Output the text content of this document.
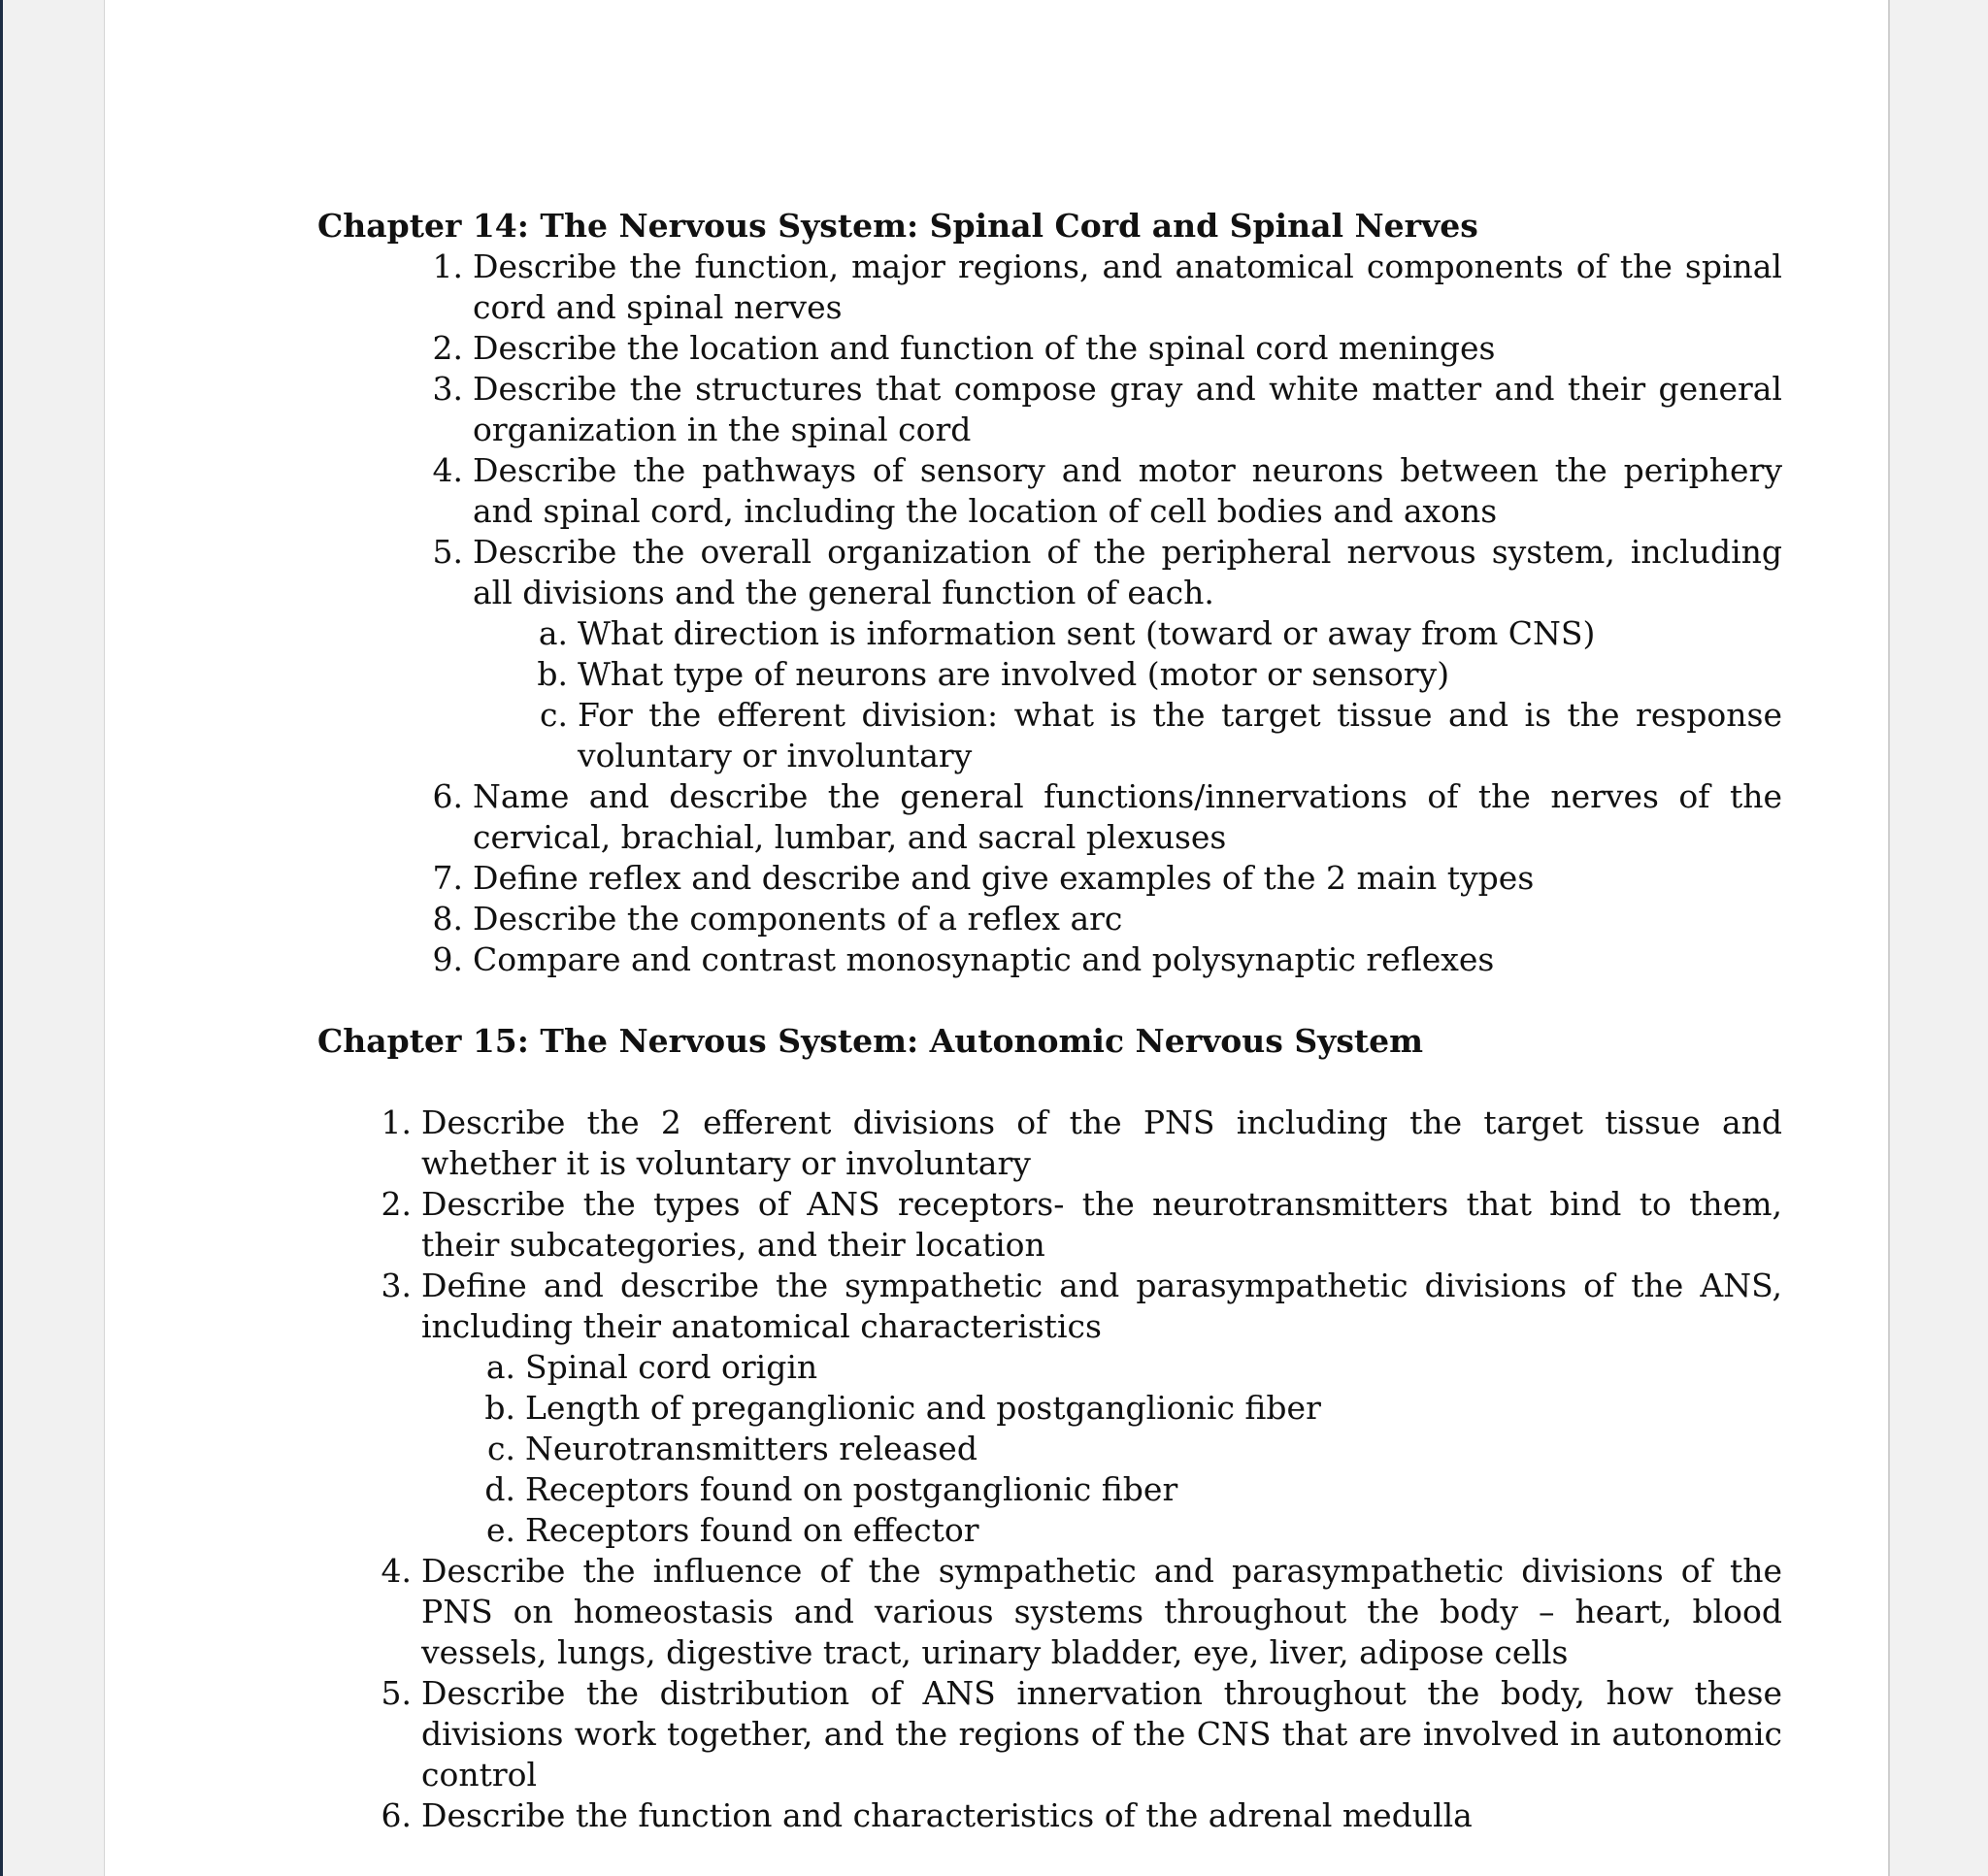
Chapter 14: The Nervous System: Spinal Cord and Spinal Nerves
1. Describe the function, major regions, and anatomical components of the spinal cord and spinal nerves
2. Describe the location and function of the spinal cord meninges
3. Describe the structures that compose gray and white matter and their general organization in the spinal cord
4. Describe the pathways of sensory and motor neurons between the periphery and spinal cord, including the location of cell bodies and axons
5. Describe the overall organization of the peripheral nervous system, including all divisions and the general function of each.
a. What direction is information sent (toward or away from CNS)
b. What type of neurons are involved (motor or sensory)
c. For the efferent division: what is the target tissue and is the response voluntary or involuntary
6. Name and describe the general functions/innervations of the nerves of the cervical, brachial, lumbar, and sacral plexuses
7. Define reflex and describe and give examples of the 2 main types
8. Describe the components of a reflex arc
9. Compare and contrast monosynaptic and polysynaptic reflexes
Chapter 15: The Nervous System: Autonomic Nervous System
1. Describe the 2 efferent divisions of the PNS including the target tissue and whether it is voluntary or involuntary
2. Describe the types of ANS receptors- the neurotransmitters that bind to them, their subcategories, and their location
3. Define and describe the sympathetic and parasympathetic divisions of the ANS, including their anatomical characteristics
a. Spinal cord origin
b. Length of preganglionic and postganglionic fiber
c. Neurotransmitters released
d. Receptors found on postganglionic fiber
e. Receptors found on effector
4. Describe the influence of the sympathetic and parasympathetic divisions of the PNS on homeostasis and various systems throughout the body – heart, blood vessels, lungs, digestive tract, urinary bladder, eye, liver, adipose cells
5. Describe the distribution of ANS innervation throughout the body, how these divisions work together, and the regions of the CNS that are involved in autonomic control
6. Describe the function and characteristics of the adrenal medulla
